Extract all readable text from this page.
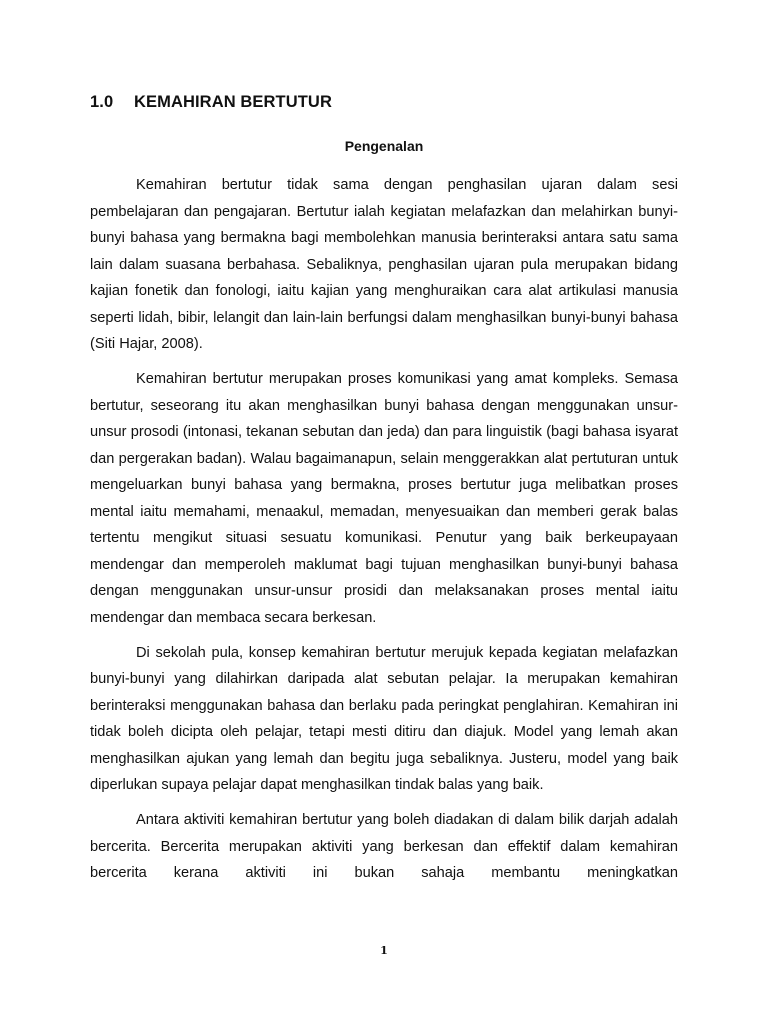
1.0 KEMAHIRAN BERTUTUR
Pengenalan

Kemahiran bertutur tidak sama dengan penghasilan ujaran dalam sesi pembelajaran dan pengajaran. Bertutur ialah kegiatan melafazkan dan melahirkan bunyi-bunyi bahasa yang bermakna bagi membolehkan manusia berinteraksi antara satu sama lain dalam suasana berbahasa. Sebaliknya, penghasilan ujaran pula merupakan bidang kajian fonetik dan fonologi, iaitu kajian yang menghuraikan cara alat artikulasi manusia seperti lidah, bibir, lelangit dan lain-lain berfungsi dalam menghasilkan bunyi-bunyi bahasa (Siti Hajar, 2008).

Kemahiran bertutur merupakan proses komunikasi yang amat kompleks. Semasa bertutur, seseorang itu akan menghasilkan bunyi bahasa dengan menggunakan unsur-unsur prosodi (intonasi, tekanan sebutan dan jeda) dan para linguistik (bagi bahasa isyarat dan pergerakan badan). Walau bagaimanapun, selain menggerakkan alat pertuturan untuk mengeluarkan bunyi bahasa yang bermakna, proses bertutur juga melibatkan proses mental iaitu memahami, menaakul, memadan, menyesuaikan dan memberi gerak balas tertentu mengikut situasi sesuatu komunikasi. Penutur yang baik berkeupayaan mendengar dan memperoleh maklumat bagi tujuan menghasilkan bunyi-bunyi bahasa dengan menggunakan unsur-unsur prosidi dan melaksanakan proses mental iaitu mendengar dan membaca secara berkesan.

Di sekolah pula, konsep kemahiran bertutur merujuk kepada kegiatan melafazkan bunyi-bunyi yang dilahirkan daripada alat sebutan pelajar. Ia merupakan kemahiran berinteraksi menggunakan bahasa dan berlaku pada peringkat penglahiran. Kemahiran ini tidak boleh dicipta oleh pelajar, tetapi mesti ditiru dan diajuk. Model yang lemah akan menghasilkan ajukan yang lemah dan begitu juga sebaliknya. Justeru, model yang baik diperlukan supaya pelajar dapat menghasilkan tindak balas yang baik.

Antara aktiviti kemahiran bertutur yang boleh diadakan di dalam bilik darjah adalah bercerita. Bercerita merupakan aktiviti yang berkesan dan effektif dalam kemahiran bercerita kerana aktiviti ini bukan sahaja membantu meningkatkan

1
